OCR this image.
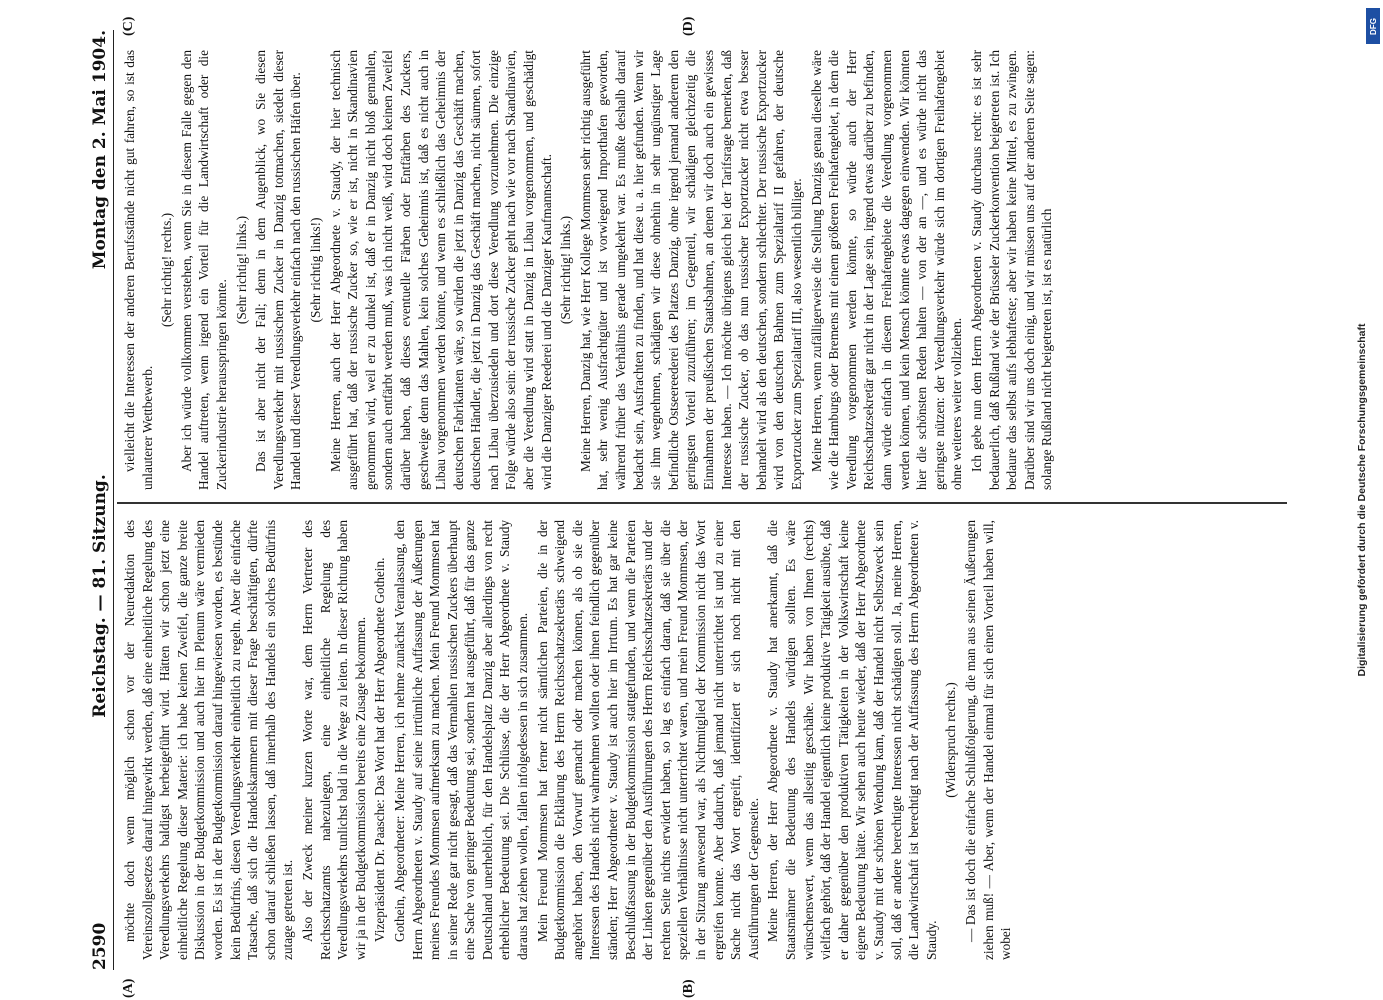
2590
Reichstag. — 81. Sitzung.
Montag den 2. Mai 1904.
(A)	(B)
(C)	(D)

möchte doch wenn möglich schon vor der Neuredaktion des Vereinszollgesetzes darauf hingewirkt werden, daß eine einheitliche Regelung des Veredlungsverkehrs baldigst herbeigeführt wird. Hätten wir schon jetzt eine einheitliche Regelung dieser Materie: ich habe keinen Zweifel, die ganze breite Diskussion in der Budgetkommission und auch hier im Plenum wäre vermieden worden. Es ist in der Budgetkommission darauf hingewiesen worden, es bestünde kein Bedürfnis, diesen Veredlungsverkehr einheitlich zu regeln. Aber die einfache Tatsache, daß sich die Handelskammern mit dieser Frage beschäftigten, dürfte schon darauf schließen lassen, daß innerhalb des Handels ein solches Bedürfnis zutage getreten ist. Also der Zweck meiner kurzen Worte war, dem Herrn Vertreter des Reichsschatzamts nahezulegen, eine einheitliche Regelung des Veredlungsverkehrs tunlichst bald in die Wege zu leiten. In dieser Richtung haben wir ja in der Budgetkommission bereits eine Zusage bekommen. Vizepräsident Dr. Paasche: Das Wort hat der Herr Abgeordnete Gothein. Gothein, Abgeordneter: Meine Herren, ich nehme zunächst Veranlassung, den Herrn Abgeordneten v. Staudy auf seine irrtümliche Auffassung der Äußerungen meines Freundes Mommsen aufmerksam zu machen. Mein Freund Mommsen hat in seiner Rede gar nicht gesagt, daß das Vermahlen russischen Zuckers überhaupt eine Sache von geringer Bedeutung sei, sondern hat ausgeführt, daß für das ganze Deutschland unerheblich, für den Handelsplatz Danzig aber allerdings von recht erheblicher Bedeutung sei. Die Schlüsse, die der Herr Abgeordnete v. Staudy daraus hat ziehen wollen, fallen infolgedessen in sich zusammen. Mein Freund Mommsen hat ferner nicht sämtlichen Parteien, die in der Budgetkommission die Erklärung des Herrn Reichsschatzsekretärs schweigend angehört haben, den Vorwurf gemacht oder machen können, als ob sie die Interessen des Handels nicht wahrnehmen wollten oder ihnen feindlich gegenüber ständen; Herr Abgeordneter v. Staudy ist auch hier im Irrtum. Es hat gar keine Beschlußfassung in der Budgetkommission stattgefunden, und wenn die Parteien der Linken gegenüber den Ausführungen des Herrn Reichsschatzsekretärs und der rechten Seite nichts erwidert haben, so lag es einfach daran, daß sie über die speziellen Verhältnisse nicht unterrichtet waren, und mein Freund Mommsen, der in der Sitzung anwesend war, als Nichtmitglied der Kommission nicht das Wort ergreifen konnte. Aber dadurch, daß jemand nicht unterrichtet ist und zu einer Sache nicht das Wort ergreift, identifiziert er sich noch nicht mit den Ausführungen der Gegenseite. Meine Herren, der Herr Abgeordnete v. Staudy hat anerkannt, daß die Staatsmänner die Bedeutung des Handels würdigen sollten. Es wäre wünschenswert, wenn das allseitig geschähe. Wir haben von Ihnen (rechts) vielfach gehört, daß der Handel eigentlich keine produktive Tätigkeit ausübte, daß er daher gegenüber den produktiven Tätigkeiten in der Volkswirtschaft keine eigene Bedeutung hätte. Wir sehen auch heute wieder, daß der Herr Abgeordnete v. Staudy mit der schönen Wendung kam, daß der Handel nicht Selbstzweck sein soll, daß er andere berechtigte Interessen nicht schädigen soll. Ja, meine Herren, die Landwirtschaft ist berechtigt nach der Auffassung des Herrn Abgeordneten v. Staudy.

(Widerspruch rechts.) — Das ist doch die einfache Schlußfolgerung, die man aus seinen Äußerungen ziehen muß! — Aber, wenn der Handel einmal für sich einen Vorteil haben will, wobei

vielleicht die Interessen der anderen Berufsstände nicht gut fahren, so ist das unlauterer Wettbewerb.

(Sehr richtig! rechts.) Aber ich würde vollkommen verstehen, wenn Sie in diesem Falle gegen den Handel auftreten, wenn irgend ein Vorteil für die Landwirtschaft oder die Zuckerindustrie herausspringen könnte.

(Sehr richtig! links.) Das ist aber nicht der Fall; denn in dem Augenblick, wo Sie diesen Veredlungsverkehr mit russischem Zucker in Danzig totmachen, siedelt dieser Handel und dieser Veredlungsverkehr einfach nach den russischen Häfen über. (Sehr richtig links!) Meine Herren, auch der Herr Abgeordnete v. Staudy, der hier technisch ausgeführt hat, daß der russische Zucker so, wie er ist, nicht in Skandinavien genommen wird, weil er zu dunkel ist, daß er in Danzig nicht bloß gemahlen, sondern auch entfärbt werden muß, was ich nicht weiß, wird doch keinen Zweifel darüber haben, daß dieses eventuelle Färben oder Entfärben des Zuckers, geschweige denn das Mahlen, kein solches Geheimnis ist, daß es nicht auch in Libau vorgenommen werden könnte, und wenn es schließlich das Geheimnis der deutschen Fabrikanten wäre, so würden die jetzt in Danzig das Geschäft machen, deutschen Händler, die jetzt in Danzig das Geschäft machen, nicht säumen, sofort nach Libau überzusiedeln und dort diese Veredlung vorzunehmen. Die einzige Folge würde also sein: der russische Zucker geht nach wie vor nach Skandinavien, aber die Veredlung wird statt in Danzig in Libau vorgenommen, und geschädigt wird die Danziger Reederei und die Danziger Kaufmannschaft. (Sehr richtig! links.) Meine Herren, Danzig hat, wie Herr Kollege Mommsen sehr richtig ausgeführt hat, sehr wenig Ausfrachtgüter und ist vorwiegend Importhafen geworden, während früher das Verhältnis gerade umgekehrt war. Es mußte deshalb darauf bedacht sein, Ausfrachten zu finden, und hat diese u. a. hier gefunden. Wenn wir sie ihm wegnehmen, schädigen wir diese ohnehin in sehr ungünstiger Lage befindliche Ostseereederei des Platzes Danzig, ohne irgend jemand anderem den geringsten Vorteil zuzuführen; im Gegenteil, wir schädigen gleichzeitig die Einnahmen der preußischen Staatsbahnen, an denen wir doch auch ein gewisses Interesse haben. — Ich möchte übrigens gleich bei der Tarifsrage bemerken, daß der russische Zucker, ob das nun russischer Exportzucker nicht etwa besser behandelt wird als den deutschen, sondern schlechter. Der russische Exportzucker wird von den deutschen Bahnen zum Spezialtarif II gefahren, der deutsche Exportzucker zum Spezialtarif III, also wesentlich billiger. Meine Herren, wenn zufälligerweise die Stellung Danzigs genau dieselbe wäre wie die Hamburgs oder Bremens mit einem größeren Freihafengebiet, in dem die Veredlung vorgenommen werden könnte, so würde auch der Herr Reichsschatzsekretär gar nicht in der Lage sein, irgend etwas darüber zu befinden, dann würde einfach in diesem Freihafengebiete die Veredlung vorgenommen werden können, und kein Mensch könnte etwas dagegen einwenden. Wir könnten hier die schönsten Reden halten — von der an —, und es würde nicht das geringste nützen: der Veredlungsverkehr würde sich im dortigen Freihafengebiet ohne weiteres weiter vollziehen. Ich gebe nun dem Herrn Abgeordneten v. Staudy durchaus recht: es ist sehr bedauerlich, daß Rußland wie der Brüsseler Zuckerkonvention beigetreten ist. Ich bedaure das selbst aufs lebhafteste; aber wir haben keine Mittel, es zu zwingen. Darüber sind wir uns doch einig, und wir müssen uns auf der anderen Seite sagen: solange Rußland nicht beigetreten ist, ist es natürlich	Digitalisierung gefördert durch die Deutsche Forschungsgemeinschaft
DFG
